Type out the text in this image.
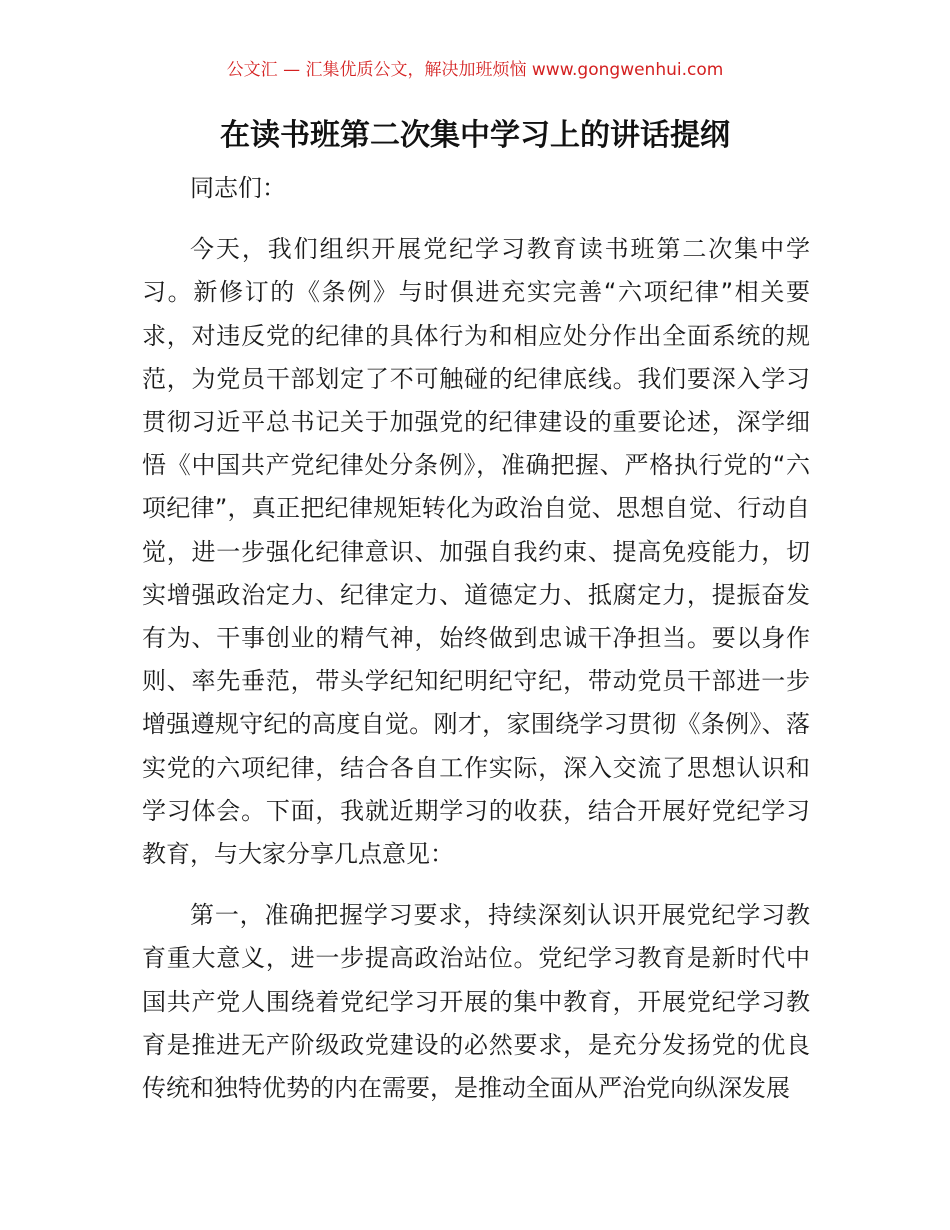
公文汇 — 汇集优质公文，解决加班烦恼 www.gongwenhui.com
在读书班第二次集中学习上的讲话提纲

同志们：

今天，我们组织开展党纪学习教育读书班第二次集中学习。新修订的《条例》与时俱进充实完善“六项纪律”相关要求，对违反党的纪律的具体行为和相应处分作出全面系统的规范，为党员干部划定了不可触碰的纪律底线。我们要深入学习贯彻习近平总书记关于加强党的纪律建设的重要论述，深学细悟《中国共产党纪律处分条例》，准确把握、严格执行党的“六项纪律”，真正把纪律规矩转化为政治自觉、思想自觉、行动自觉，进一步强化纪律意识、加强自我约束、提高免疫能力，切实增强政治定力、纪律定力、道德定力、抵腐定力，提振奋发有为、干事创业的精气神，始终做到忠诚干净担当。要以身作则、率先垂范，带头学纪知纪明纪守纪，带动党员干部进一步增强遵规守纪的高度自觉。刚才，家围绕学习贯彻《条例》、落实党的六项纪律，结合各自工作实际，深入交流了思想认识和学习体会。下面，我就近期学习的收获，结合开展好党纪学习教育，与大家分享几点意见：

第一，准确把握学习要求，持续深刻认识开展党纪学习教育重大意义，进一步提高政治站位。党纪学习教育是新时代中国共产党人围绕着党纪学习开展的集中教育，开展党纪学习教育是推进无产阶级政党建设的必然要求，是充分发扬党的优良传统和独特优势的内在需要，是推动全面从严治党向纵深发展
